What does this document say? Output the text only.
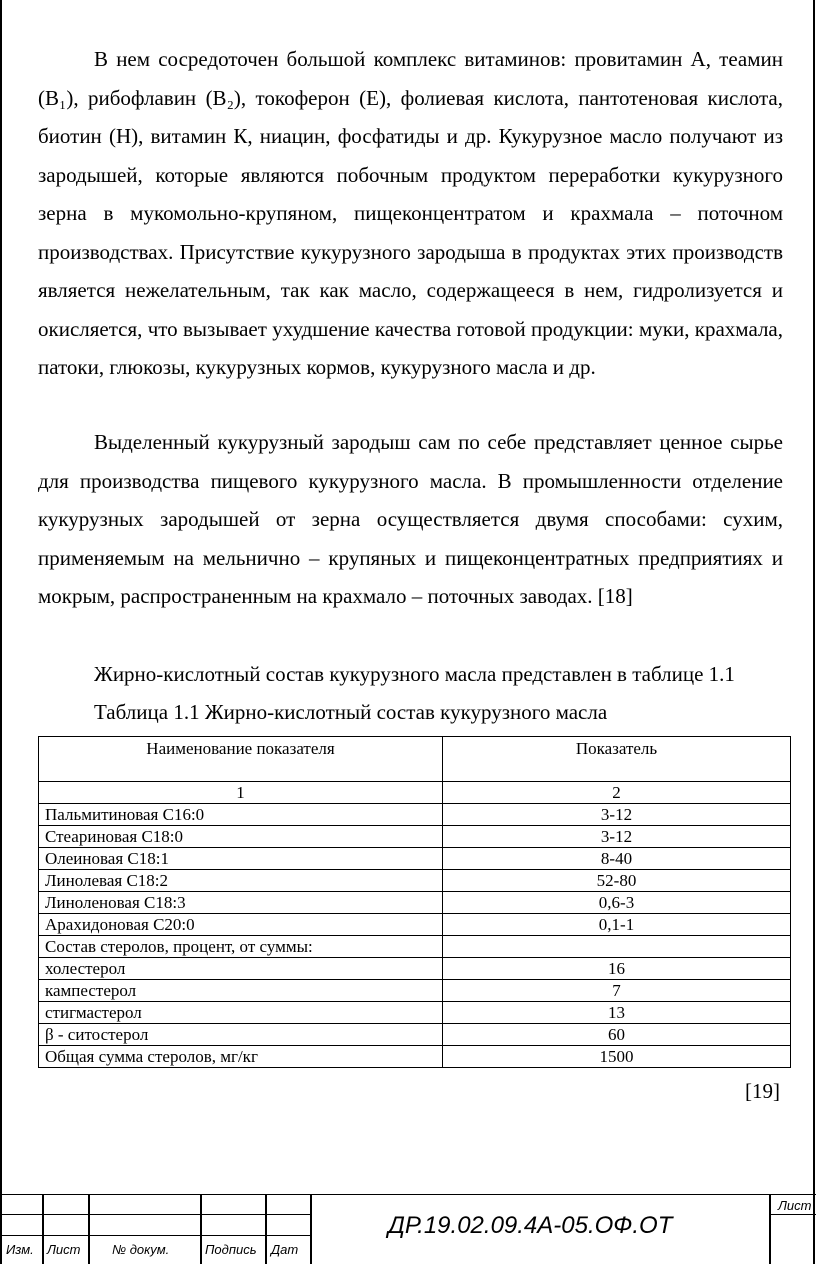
В нем сосредоточен большой комплекс витаминов: провитамин А, теамин (В₁), рибофлавин (В₂), токоферон (Е), фолиевая кислота, пантотеновая кислота, биотин (Н), витамин К, ниацин, фосфатиды и др. Кукурузное масло получают из зародышей, которые являются побочным продуктом переработки кукурузного зерна в мукомольно-крупяном, пищеконцентратом и крахмала – поточном производствах. Присутствие кукурузного зародыша в продуктах этих производств является нежелательным, так как масло, содержащееся в нем, гидролизуется и окисляется, что вызывает ухудшение качества готовой продукции: муки, крахмала, патоки, глюкозы, кукурузных кормов, кукурузного масла и др.

Выделенный кукурузный зародыш сам по себе представляет ценное сырье для производства пищевого кукурузного масла. В промышленности отделение кукурузных зародышей от зерна осуществляется двумя способами: сухим, применяемым на мельнично – крупяных и пищеконцентратных предприятиях и мокрым, распространенным на крахмало – поточных заводах. [18]

Жирно-кислотный состав кукурузного масла представлен в таблице 1.1

Таблица 1.1 Жирно-кислотный состав кукурузного масла

Наименование показателя	Показатель
1	2
Пальмитиновая С16:0	3-12
Стеариновая С18:0	3-12
Олеиновая С18:1	8-40
Линолевая С18:2	52-80
Линоленовая С18:3	0,6-3
Арахидоновая С20:0	0,1-1
Состав стеролов, процент, от суммы:	
холестерол	16
кампестерол	7
стигмастерол	13
β - ситостерол	60
Общая сумма стеролов, мг/кг	1500
[19]
Изм. Лист № докум.	Подпись Дат
Лист
ДР.19.02.09.4А-05.ОФ.ОТ
